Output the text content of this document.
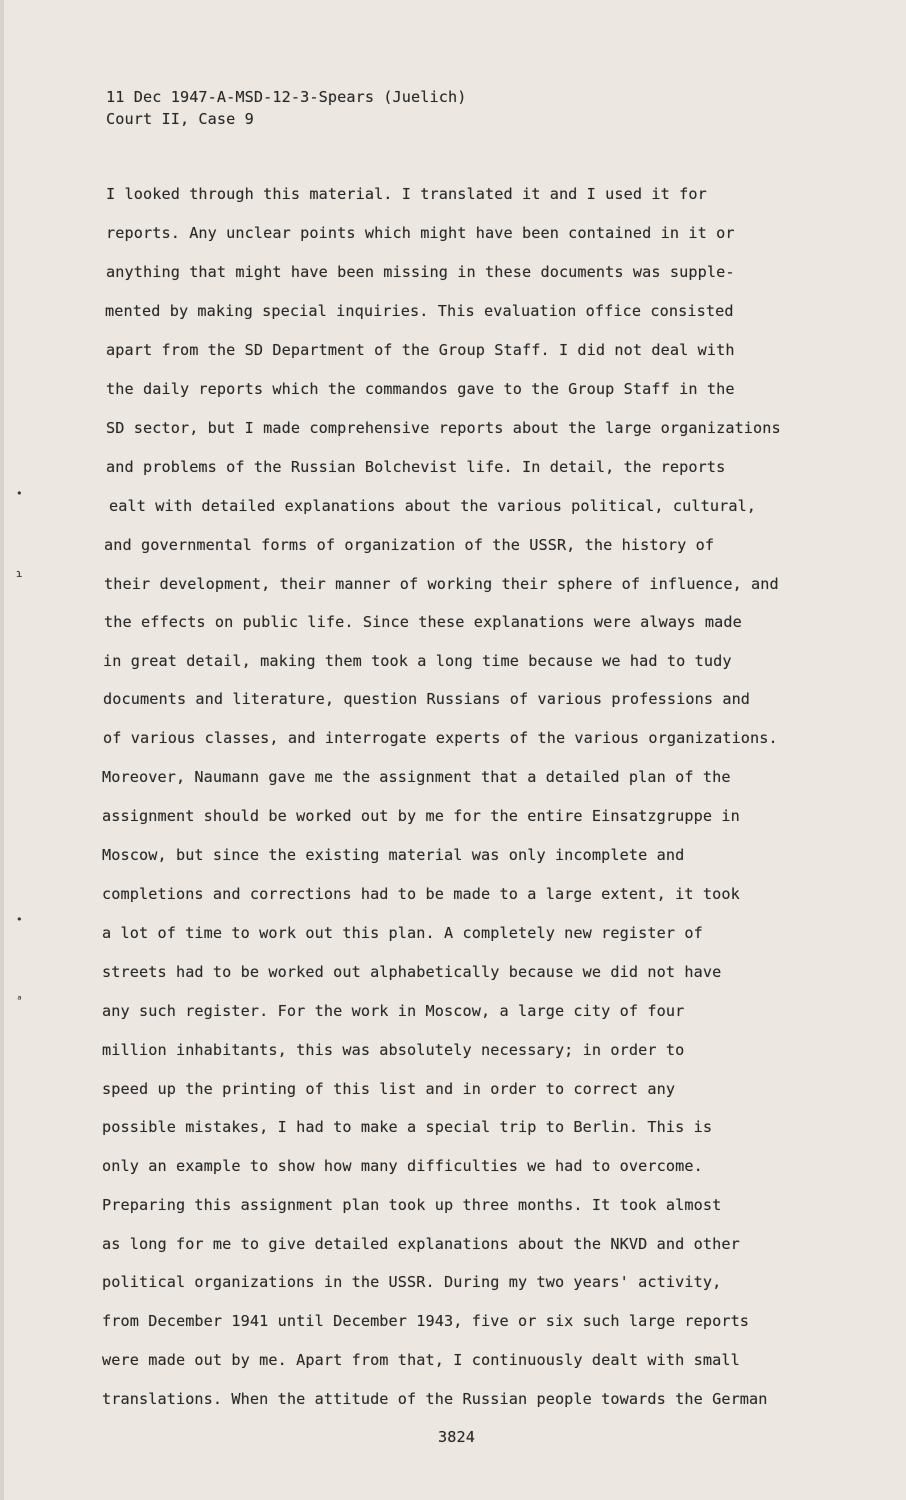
11 Dec 1947-A-MSD-12-3-Spears (Juelich)
Court II, Case 9
I looked through this material. I translated it and I used it for
reports. Any unclear points which might have been contained in it or
anything that might have been missing in these documents was supple-
mented by making special inquiries. This evaluation office consisted
apart from the SD Department of the Group Staff. I did not deal with
the daily reports which the commandos gave to the Group Staff in the
SD sector, but I made comprehensive reports about the large organizations
and problems of the Russian Bolchevist life. In detail, the reports
ealt with detailed explanations about the various political, cultural,
and governmental forms of organization of the USSR, the history of
their development, their manner of working their sphere of influence, and
the effects on public life. Since these explanations were always made
in great detail, making them took a long time because we had to tudy
documents and literature, question Russians of various professions and
of various classes, and interrogate experts of the various organizations.
Moreover, Naumann gave me the assignment that a detailed plan of the
assignment should be worked out by me for the entire Einsatzgruppe in
Moscow, but since the existing material was only incomplete and
completions and corrections had to be made to a large extent, it took
a lot of time to work out this plan. A completely new register of
streets had to be worked out alphabetically because we did not have
any such register. For the work in Moscow, a large city of four
million inhabitants, this was absolutely necessary; in order to
speed up the printing of this list and in order to correct any
possible mistakes, I had to make a special trip to Berlin. This is
only an example to show how many difficulties we had to overcome.
Preparing this assignment plan took up three months. It took almost
as long for me to give detailed explanations about the NKVD and other
political organizations in the USSR. During my two years' activity,
from December 1941 until December 1943, five or six such large reports
were made out by me. Apart from that, I continuously dealt with small
translations. When the attitude of the Russian people towards the German
3824
•
ɿ
•
ᵃ
